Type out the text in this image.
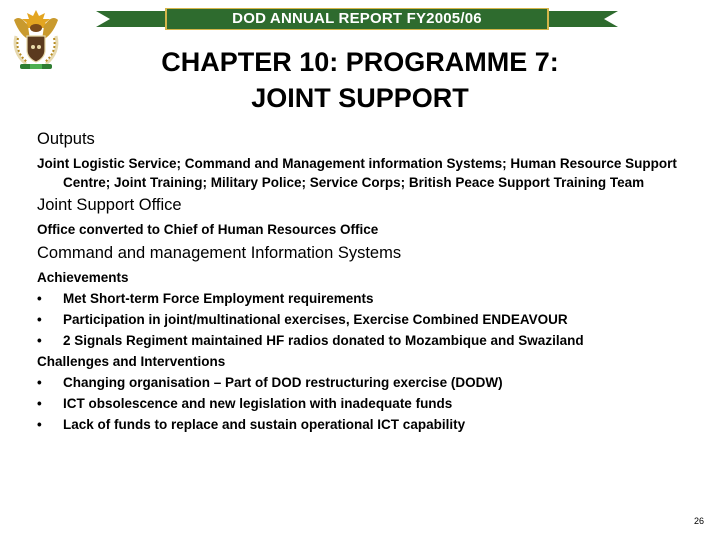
DOD ANNUAL REPORT FY2005/06
CHAPTER 10: PROGRAMME 7:
JOINT SUPPORT

Outputs

Joint Logistic Service; Command and Management information Systems; Human Resource Support Centre; Joint Training; Military Police; Service Corps; British Peace Support Training Team

Joint Support Office

Office converted to Chief of Human Resources Office

Command and management Information Systems

Achievements

•	Met Short-term Force Employment requirements
•	Participation in joint/multinational exercises, Exercise Combined ENDEAVOUR
•	2 Signals Regiment maintained HF radios donated to Mozambique and Swaziland

Challenges and Interventions

•	Changing organisation – Part of DOD restructuring exercise (DODW)
•	ICT obsolescence and new legislation with inadequate funds
•	Lack of funds to replace and sustain operational ICT capability
26
